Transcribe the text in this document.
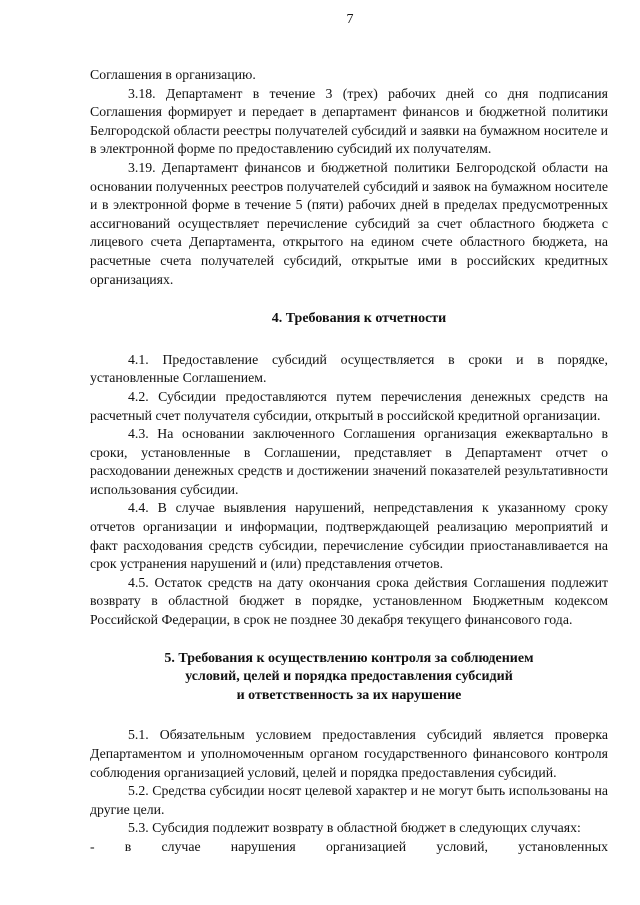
7

Соглашения в организацию.

3.18. Департамент в течение 3 (трех) рабочих дней со дня подписания Соглашения формирует и передает в департамент финансов и бюджетной политики Белгородской области реестры получателей субсидий и заявки на бумажном носителе и в электронной форме по предоставлению субсидий их получателям.

3.19. Департамент финансов и бюджетной политики Белгородской области на основании полученных реестров получателей субсидий и заявок на бумажном носителе и в электронной форме в течение 5 (пяти) рабочих дней в пределах предусмотренных ассигнований осуществляет перечисление субсидий за счет областного бюджета с лицевого счета Департамента, открытого на едином счете областного бюджета, на расчетные счета получателей субсидий, открытые ими в российских кредитных организациях.

4. Требования к отчетности

4.1. Предоставление субсидий осуществляется в сроки и в порядке, установленные Соглашением.

4.2. Субсидии предоставляются путем перечисления денежных средств на расчетный счет получателя субсидии, открытый в российской кредитной организации.

4.3. На основании заключенного Соглашения организация ежеквартально в сроки, установленные в Соглашении, представляет в Департамент отчет о расходовании денежных средств и достижении значений показателей результативности использования субсидии.

4.4. В случае выявления нарушений, непредставления к указанному сроку отчетов организации и информации, подтверждающей реализацию мероприятий и факт расходования средств субсидии, перечисление субсидии приостанавливается на срок устранения нарушений и (или) представления отчетов.

4.5. Остаток средств на дату окончания срока действия Соглашения подлежит возврату в областной бюджет в порядке, установленном Бюджетным кодексом Российской Федерации, в срок не позднее 30 декабря текущего финансового года.

5. Требования к осуществлению контроля за соблюдением
условий, целей и порядка предоставления субсидий
и ответственность за их нарушение

5.1. Обязательным условием предоставления субсидий является проверка Департаментом и уполномоченным органом государственного финансового контроля соблюдения организацией условий, целей и порядка предоставления субсидий.

5.2. Средства субсидии носят целевой характер и не могут быть использованы на другие цели.

5.3. Субсидия подлежит возврату в областной бюджет в следующих случаях:

- в случае нарушения организацией условий, установленных
